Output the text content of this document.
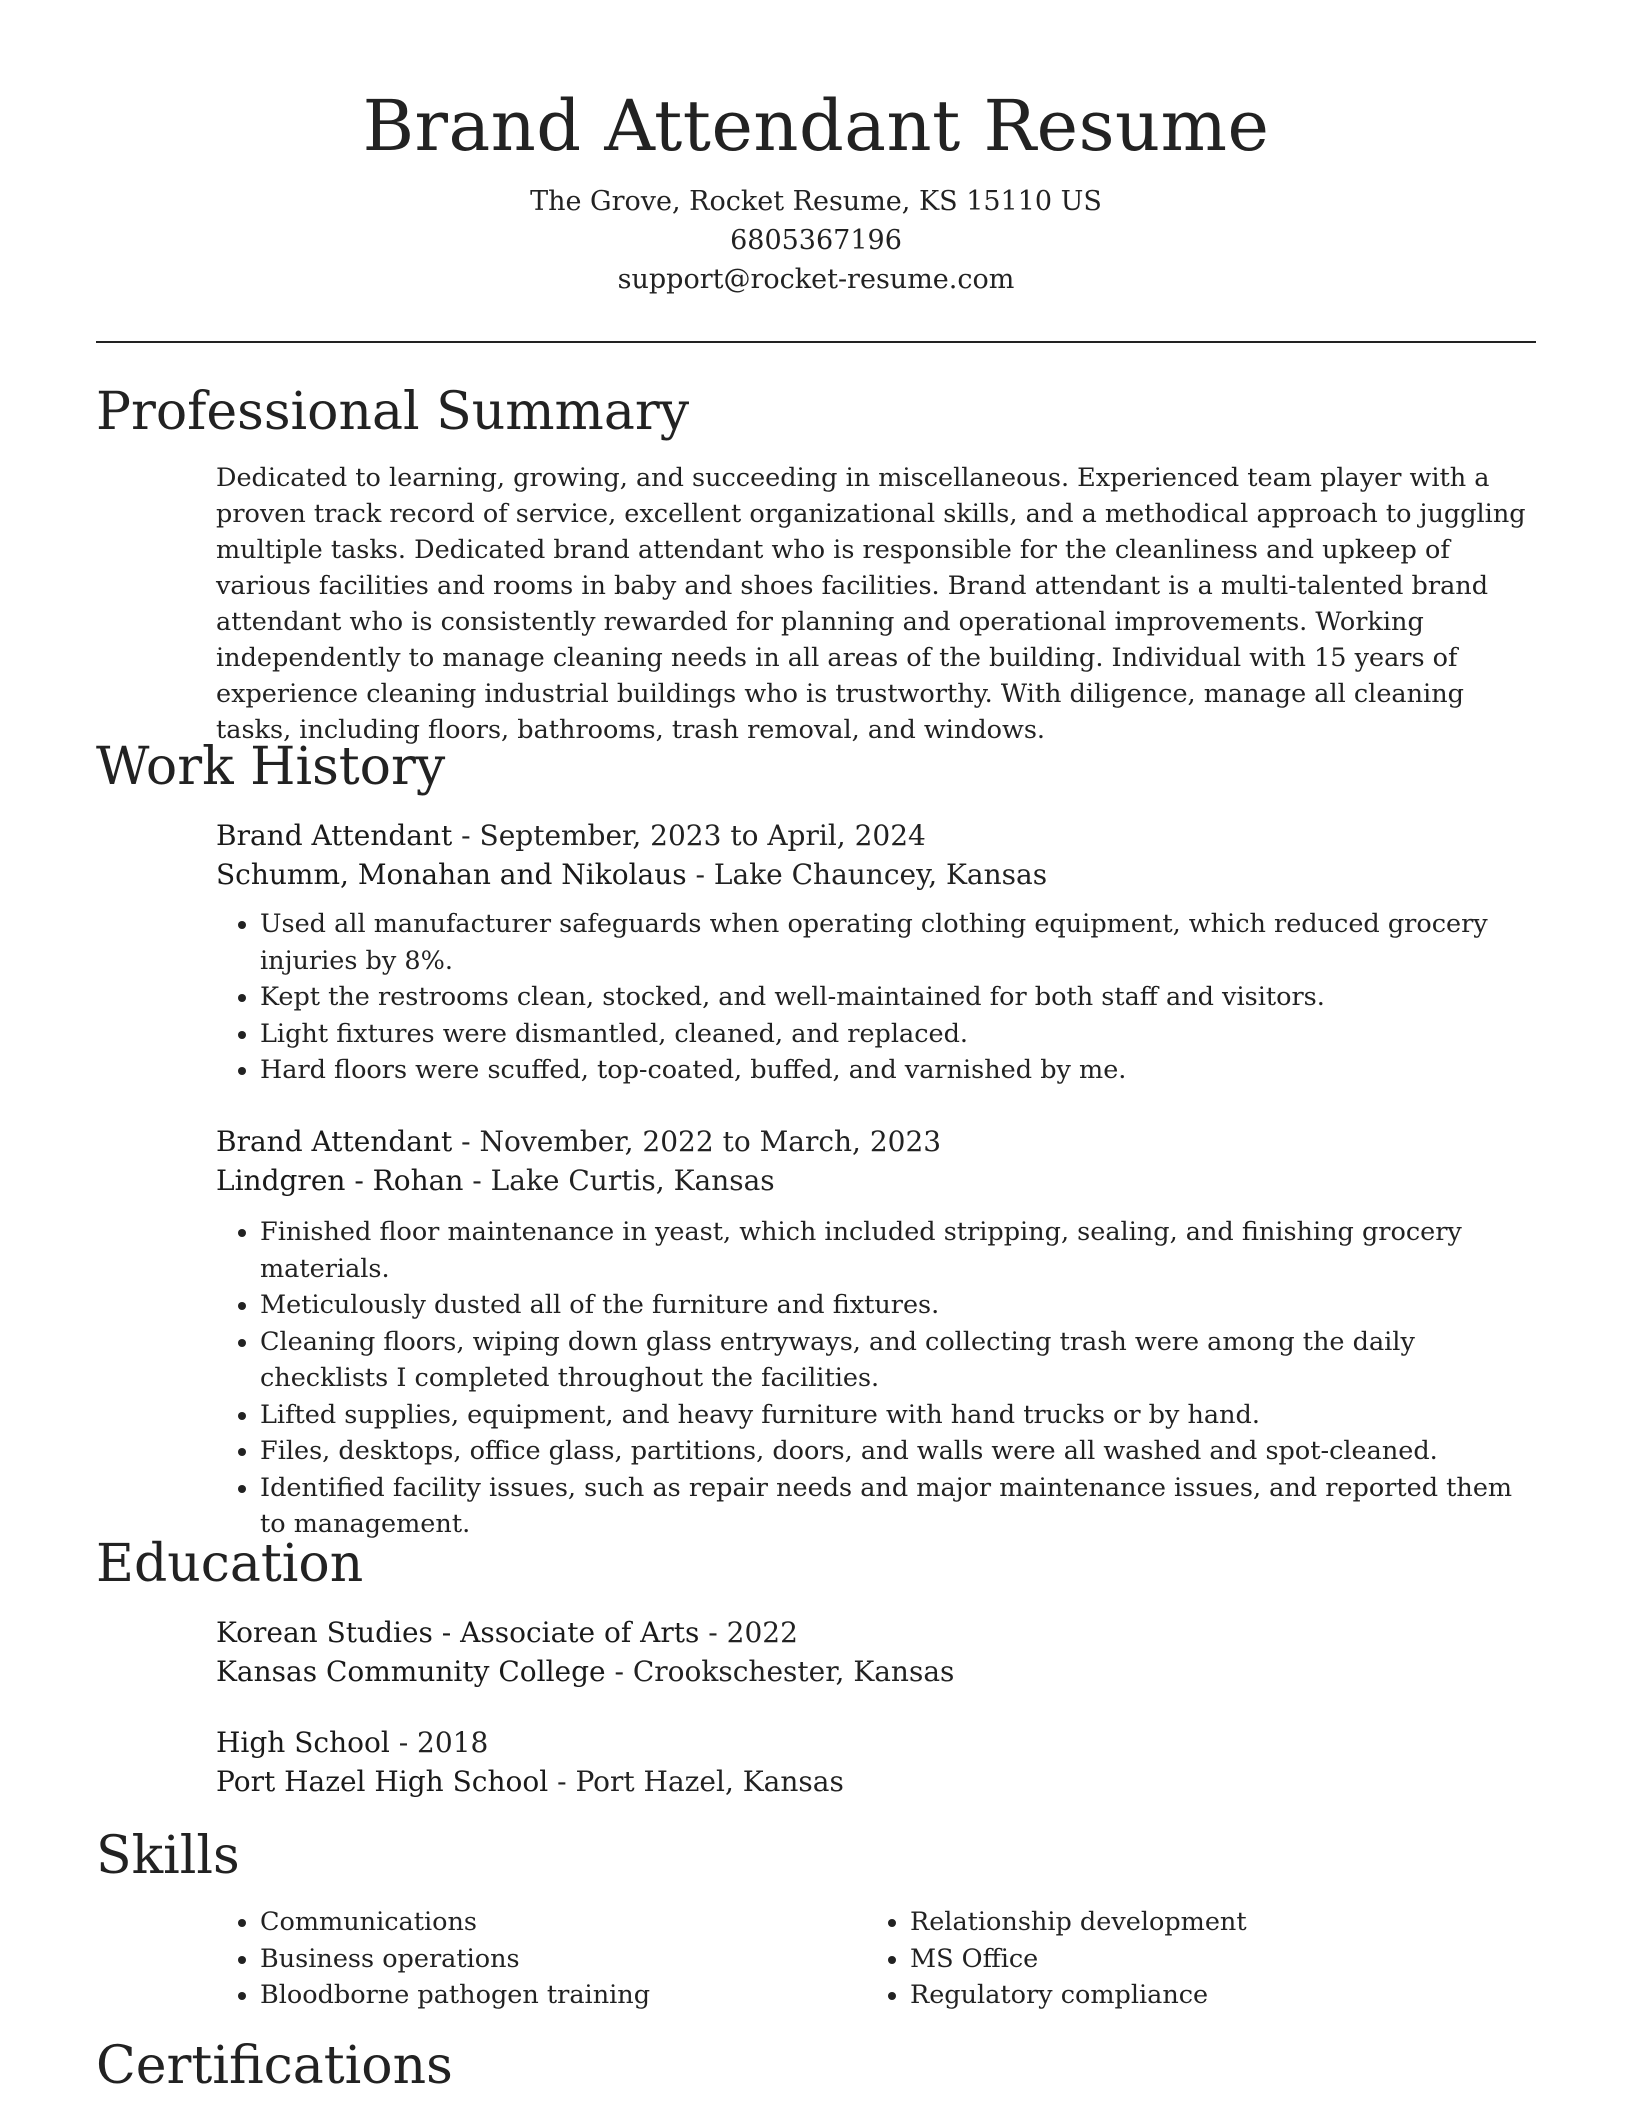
Brand Attendant Resume

The Grove, Rocket Resume, KS 15110 US

6805367196

support@rocket-resume.com

Professional Summary

Dedicated to learning, growing, and succeeding in miscellaneous. Experienced team player with a proven track record of service, excellent organizational skills, and a methodical approach to juggling multiple tasks. Dedicated brand attendant who is responsible for the cleanliness and upkeep of various facilities and rooms in baby and shoes facilities. Brand attendant is a multi-talented brand attendant who is consistently rewarded for planning and operational improvements. Working independently to manage cleaning needs in all areas of the building. Individual with 15 years of experience cleaning industrial buildings who is trustworthy. With diligence, manage all cleaning tasks, including floors, bathrooms, trash removal, and windows.

Work History

Brand Attendant - September, 2023 to April, 2024

Schumm, Monahan and Nikolaus - Lake Chauncey, Kansas

• Used all manufacturer safeguards when operating clothing equipment, which reduced grocery injuries by 8%.
• Kept the restrooms clean, stocked, and well-maintained for both staff and visitors.
• Light fixtures were dismantled, cleaned, and replaced.
• Hard floors were scuffed, top-coated, buffed, and varnished by me.

Brand Attendant - November, 2022 to March, 2023

Lindgren - Rohan - Lake Curtis, Kansas

• Finished floor maintenance in yeast, which included stripping, sealing, and finishing grocery materials.
• Meticulously dusted all of the furniture and fixtures.
• Cleaning floors, wiping down glass entryways, and collecting trash were among the daily checklists I completed throughout the facilities.
• Lifted supplies, equipment, and heavy furniture with hand trucks or by hand.
• Files, desktops, office glass, partitions, doors, and walls were all washed and spot-cleaned.
• Identified facility issues, such as repair needs and major maintenance issues, and reported them to management.
Education

Korean Studies - Associate of Arts - 2022

Kansas Community College - Crookschester, Kansas

High School - 2018

Port Hazel High School - Port Hazel, Kansas

Skills
• Communications
• Business operations
• Bloodborne pathogen training
• Relationship development
• MS Office
• Regulatory compliance
Certifications
